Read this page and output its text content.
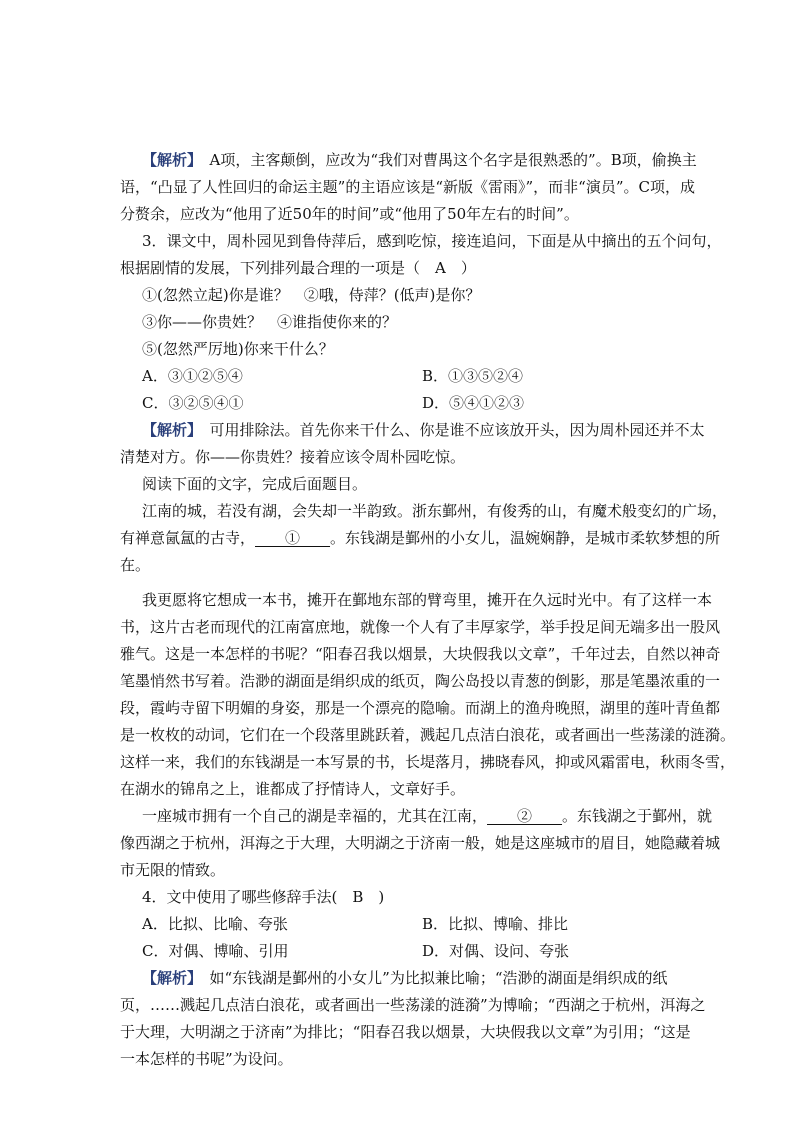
【解析】　A项，主客颠倒，应改为“我们对曹禺这个名字是很熟悉的”。B项，偷换主
语，“凸显了人性回归的命运主题”的主语应该是“新版《雷雨》”，而非“演员”。C项，成
分赘余，应改为“他用了近50年的时间”或“他用了50年左右的时间”。
3．课文中，周朴园见到鲁侍萍后，感到吃惊，接连追问，下面是从中摘出的五个问句，
根据剧情的发展，下列排列最合理的一项是（　A　）
①(忽然立起)你是谁？　②哦，侍萍？(低声)是你？
③你——你贵姓？　④谁指使你来的？
⑤(忽然严厉地)你来干什么？
A．③①②⑤④	B．①③⑤②④
C．③②⑤④①	D．⑤④①②③
【解析】　可用排除法。首先你来干什么、你是谁不应该放开头，因为周朴园还并不太
清楚对方。你——你贵姓？接着应该令周朴园吃惊。
阅读下面的文字，完成后面题目。
江南的城，若没有湖，会失却一半韵致。浙东鄞州，有俊秀的山，有魔术般变幻的广场，
有禅意氤氲的古寺，　　①　　。东钱湖是鄞州的小女儿，温婉娴静，是城市柔软梦想的所
在。
我更愿将它想成一本书，摊开在鄞地东部的臂弯里，摊开在久远时光中。有了这样一本
书，这片古老而现代的江南富庶地，就像一个人有了丰厚家学，举手投足间无端多出一股风
雅气。这是一本怎样的书呢？“阳春召我以烟景，大块假我以文章”，千年过去，自然以神奇
笔墨悄然书写着。浩渺的湖面是绢织成的纸页，陶公岛投以青葱的倒影，那是笔墨浓重的一
段，霞屿寺留下明媚的身姿，那是一个漂亮的隐喻。而湖上的渔舟晚照，湖里的莲叶青鱼都
是一枚枚的动词，它们在一个段落里跳跃着，溅起几点洁白浪花，或者画出一些荡漾的涟漪。
这样一来，我们的东钱湖是一本写景的书，长堤落月，拂晓春风，抑或风霜雷电，秋雨冬雪，
在湖水的锦帛之上，谁都成了抒情诗人，文章好手。
一座城市拥有一个自己的湖是幸福的，尤其在江南，　　②　　。东钱湖之于鄞州，就
像西湖之于杭州，洱海之于大理，大明湖之于济南一般，她是这座城市的眉目，她隐藏着城
市无限的情致。
4．文中使用了哪些修辞手法(　B　)
A．比拟、比喻、夸张	B．比拟、博喻、排比
C．对偶、博喻、引用	D．对偶、设问、夸张
【解析】　如“东钱湖是鄞州的小女儿”为比拟兼比喻；“浩渺的湖面是绢织成的纸
页，……溅起几点洁白浪花，或者画出一些荡漾的涟漪”为博喻；“西湖之于杭州，洱海之
于大理，大明湖之于济南”为排比；“阳春召我以烟景，大块假我以文章”为引用；“这是
一本怎样的书呢”为设问。
